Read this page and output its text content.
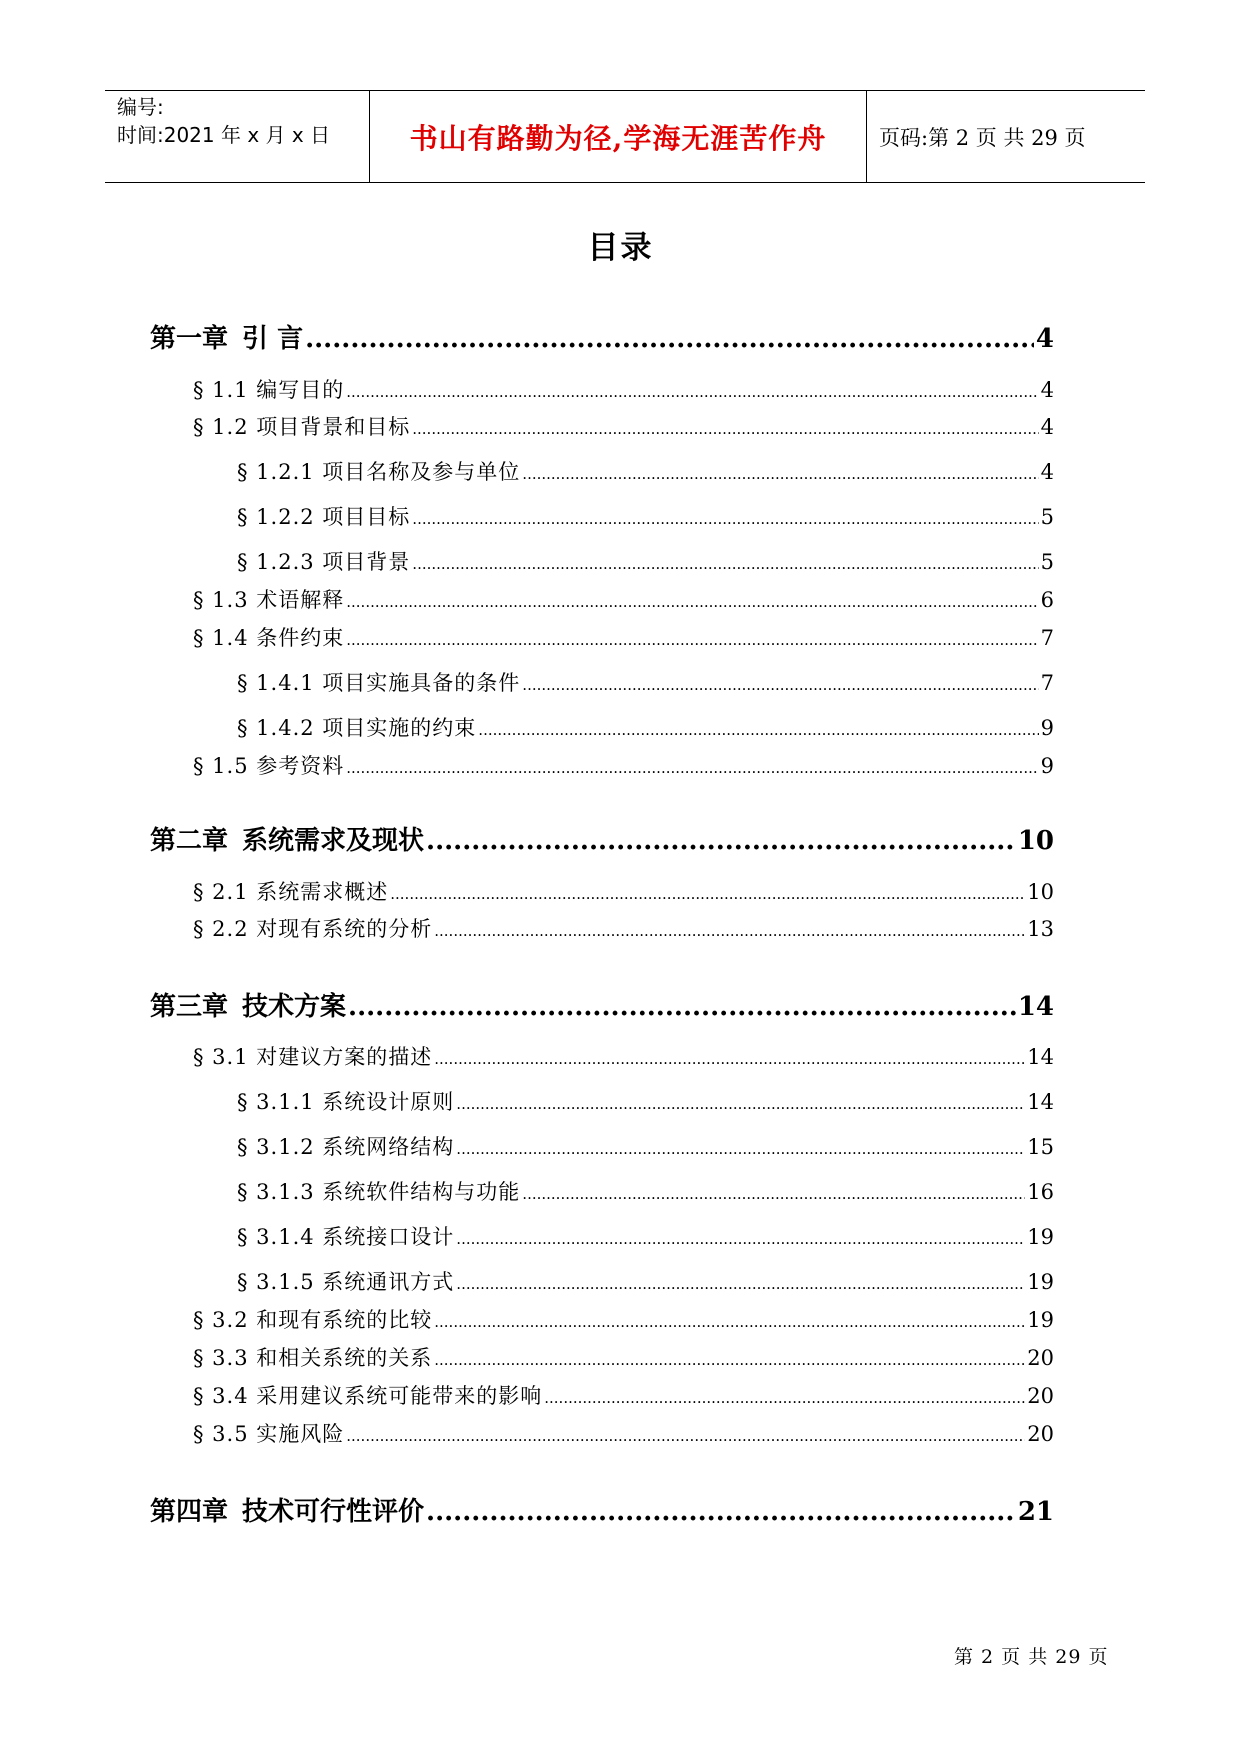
编号:
时间:2021 年 x 月 x 日	书山有路勤为径,学海无涯苦作舟	页码:第 2 页 共 29 页
目录
第一章 引 言 .....	4
§ 1.1 编写目的 .....	4
§ 1.2 项目背景和目标 .....	4
§ 1.2.1 项目名称及参与单位 .....	4
§ 1.2.2 项目目标 .....	5
§ 1.2.3 项目背景 .....	5
§ 1.3 术语解释 .....	6
§ 1.4 条件约束 .....	7
§ 1.4.1 项目实施具备的条件 .....	7
§ 1.4.2 项目实施的约束 .....	9
§ 1.5 参考资料 .....	9
第二章 系统需求及现状 .....	10
§ 2.1 系统需求概述 .....	10
§ 2.2 对现有系统的分析 .....	13
第三章 技术方案 .....	14
§ 3.1 对建议方案的描述 .....	14
§ 3.1.1 系统设计原则 .....	14
§ 3.1.2 系统网络结构 .....	15
§ 3.1.3 系统软件结构与功能 .....	16
§ 3.1.4 系统接口设计 .....	19
§ 3.1.5 系统通讯方式 .....	19
§ 3.2 和现有系统的比较 .....	19
§ 3.3 和相关系统的关系 .....	20
§ 3.4 采用建议系统可能带来的影响 .....	20
§ 3.5 实施风险 .....	20
第四章 技术可行性评价 .....	21
第 2 页 共 29 页
